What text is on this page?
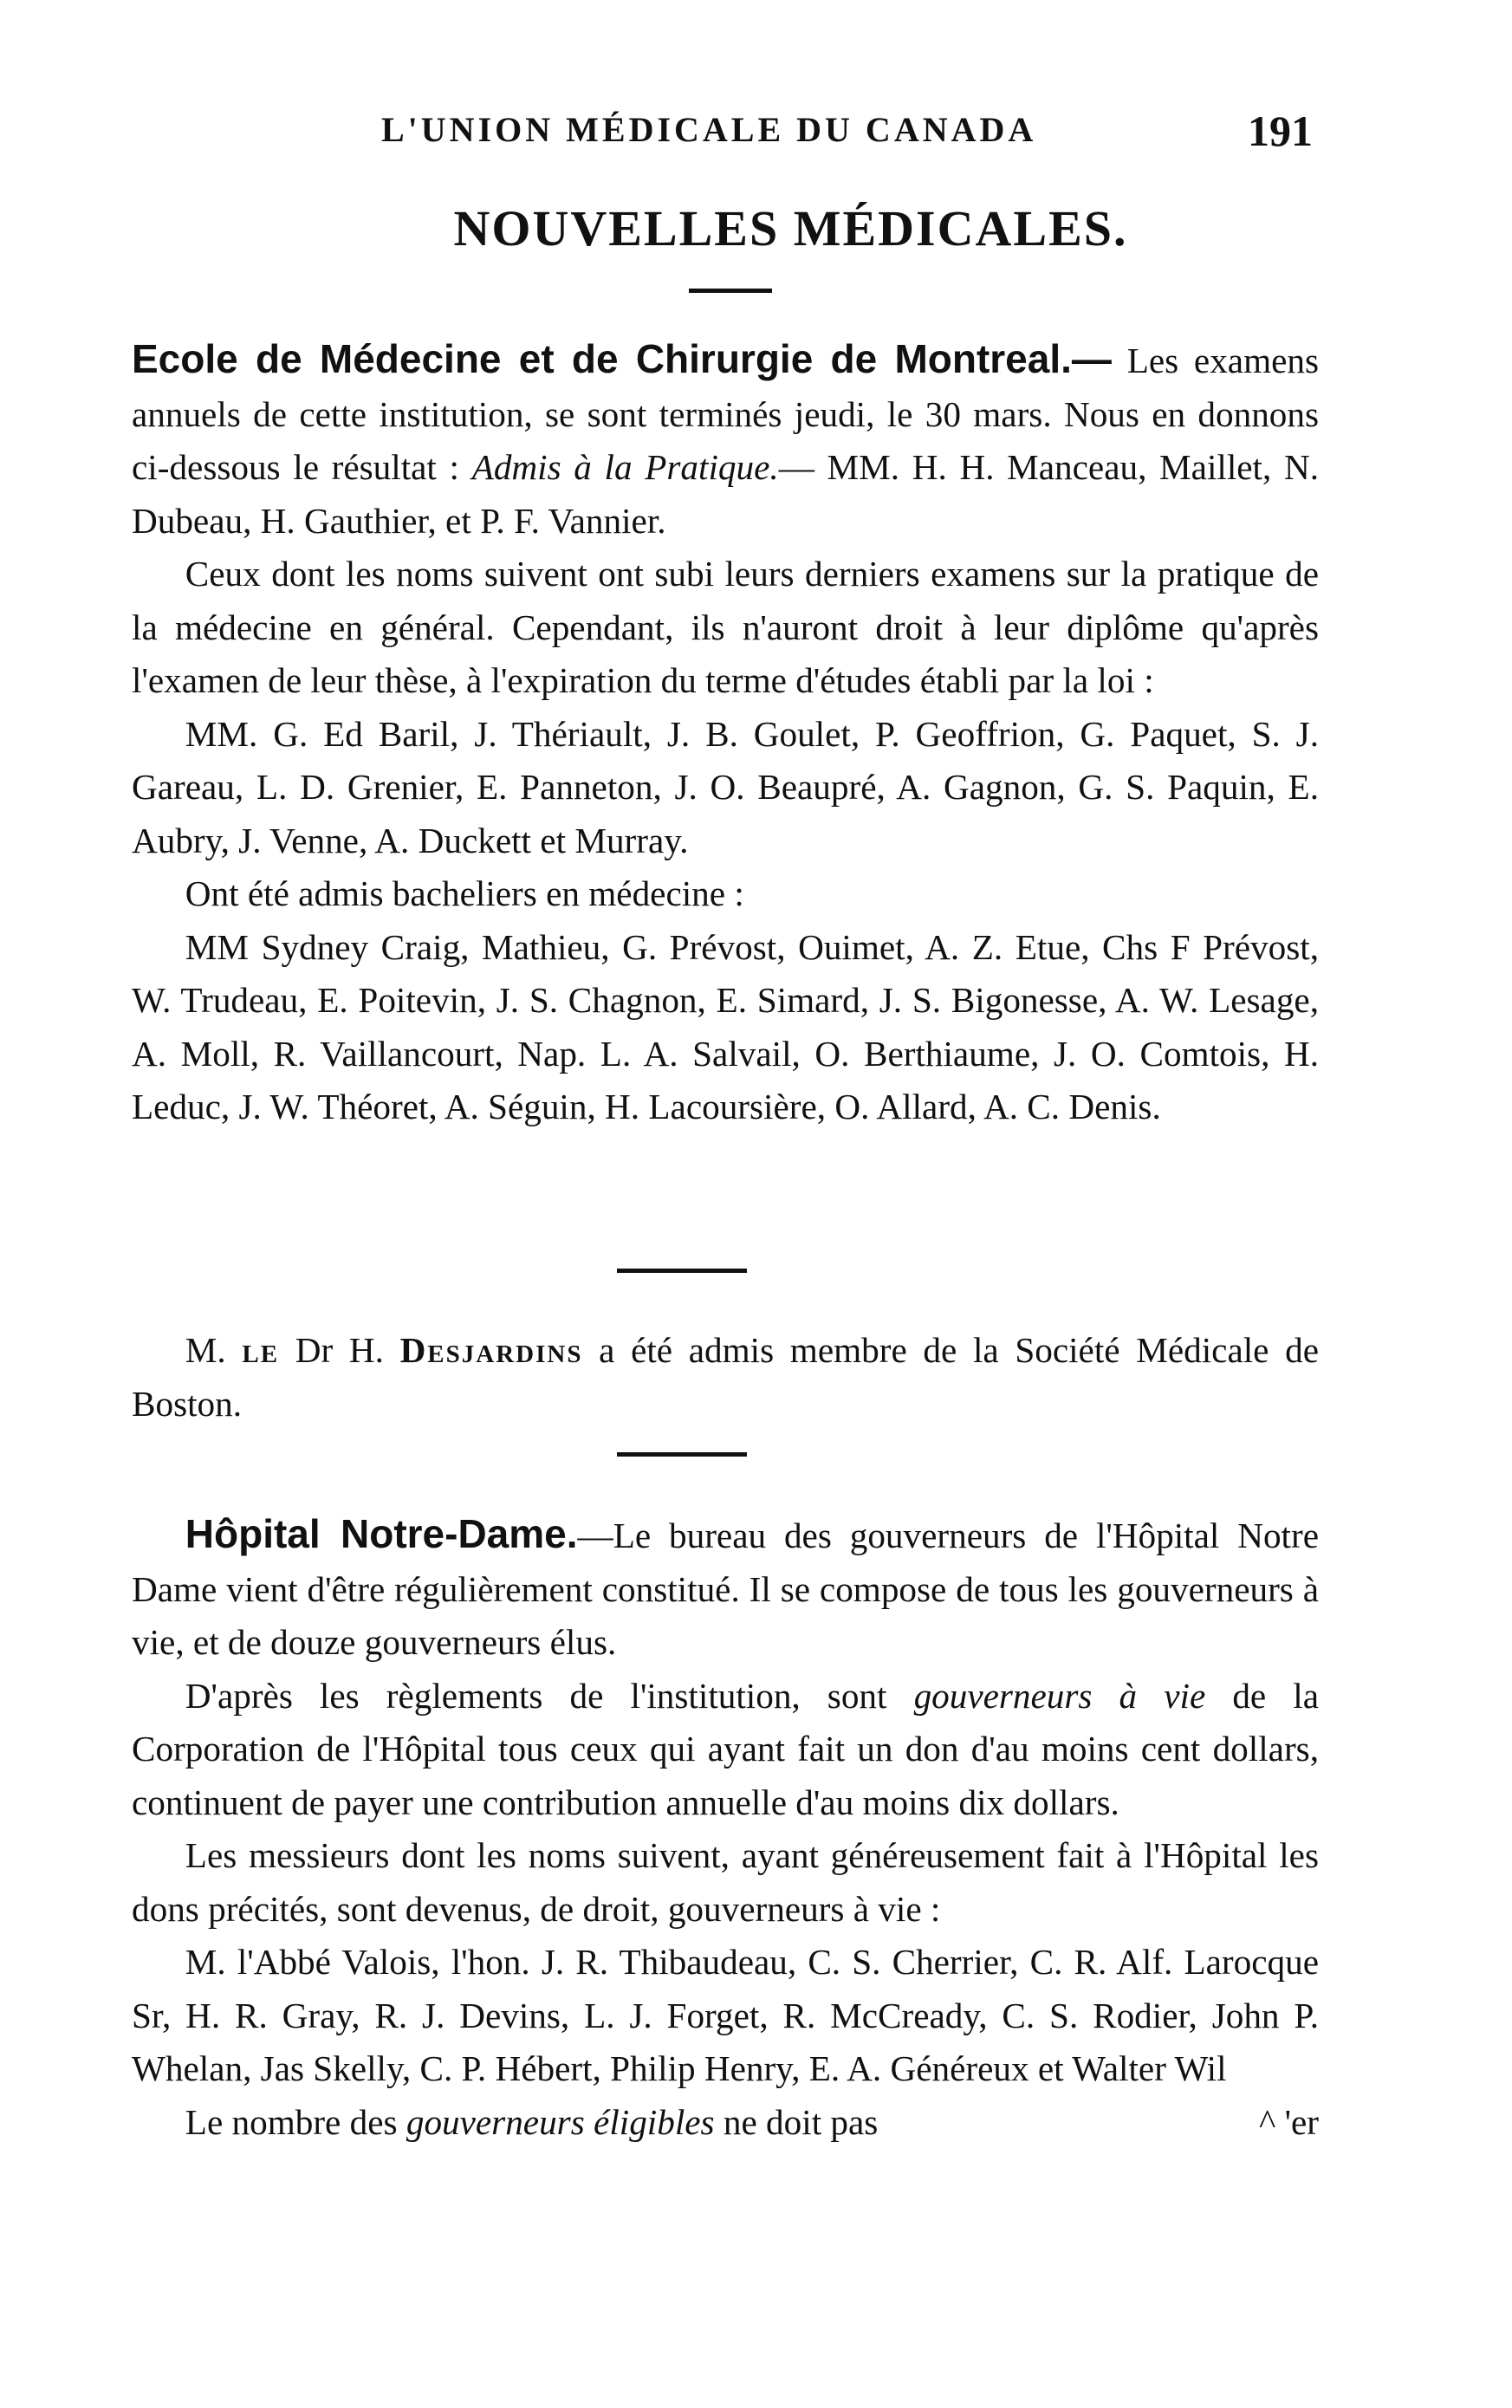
L'UNION MÉDICALE DU CANADA	191
NOUVELLES MÉDICALES.

Ecole de Médecine et de Chirurgie de Montreal.— Les examens annuels de cette institution, se sont terminés jeudi, le 30 mars. Nous en donnons ci-dessous le résultat : Admis à la Pratique.— MM. H. H. Manceau, Maillet, N. Dubeau, H. Gauthier, et P. F. Vannier.

Ceux dont les noms suivent ont subi leurs derniers examens sur la pratique de la médecine en général. Cependant, ils n'auront droit à leur diplôme qu'après l'examen de leur thèse, à l'expiration du terme d'études établi par la loi :

MM. G. Ed Baril, J. Thériault, J. B. Goulet, P. Geoffrion, G. Paquet, S. J. Gareau, L. D. Grenier, E. Panneton, J. O. Beaupré, A. Gagnon, G. S. Paquin, E. Aubry, J. Venne, A. Duckett et Murray.

Ont été admis bacheliers en médecine :

MM Sydney Craig, Mathieu, G. Prévost, Ouimet, A. Z. Etue, Chs F Prévost, W. Trudeau, E. Poitevin, J. S. Chagnon, E. Simard, J. S. Bigonesse, A. W. Lesage, A. Moll, R. Vaillancourt, Nap. L. A. Salvail, O. Berthiaume, J. O. Comtois, H. Leduc, J. W. Théoret, A. Séguin, H. Lacoursière, O. Allard, A. C. Denis.

M. le Dr H. Desjardins a été admis membre de la Société Médicale de Boston.

Hôpital Notre-Dame.—Le bureau des gouverneurs de l'Hôpital Notre Dame vient d'être régulièrement constitué. Il se compose de tous les gouverneurs à vie, et de douze gouverneurs élus.

D'après les règlements de l'institution, sont gouverneurs à vie de la Corporation de l'Hôpital tous ceux qui ayant fait un don d'au moins cent dollars, continuent de payer une contribution annuelle d'au moins dix dollars.

Les messieurs dont les noms suivent, ayant généreusement fait à l'Hôpital les dons précités, sont devenus, de droit, gouverneurs à vie :

M. l'Abbé Valois, l'hon. J. R. Thibaudeau, C. S. Cherrier, C. R. Alf. Larocque Sr, H. R. Gray, R. J. Devins, L. J. Forget, R. McCready, C. S. Rodier, John P. Whelan, Jas Skelly, C. P. Hébert, Philip Henry, E. A. Généreux et Walter Wil

Le nombre des gouverneurs éligibles ne doit pas	^ 'er
